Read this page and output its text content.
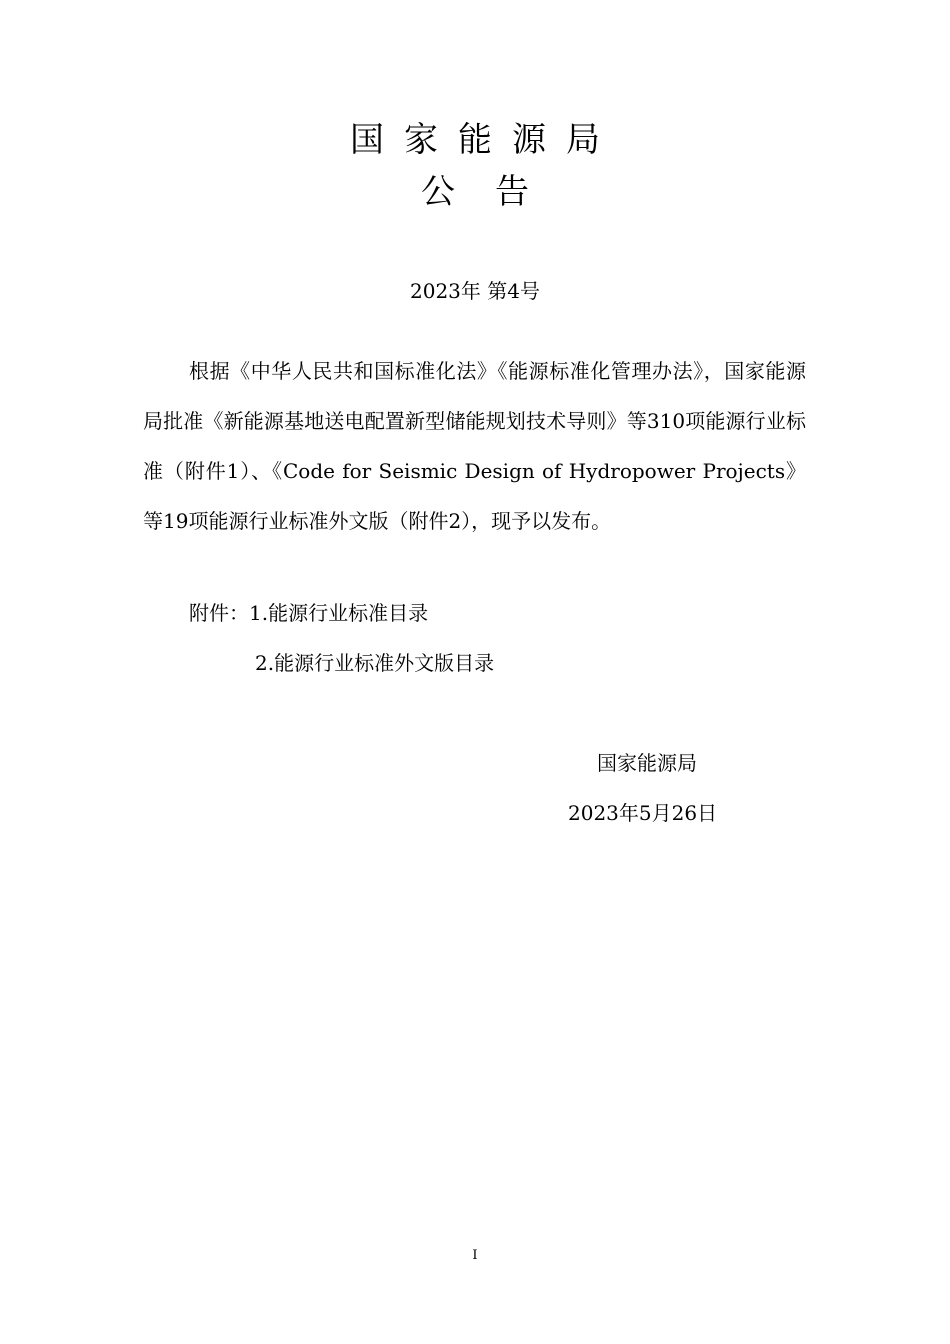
国家能源局
公告
2023年 第4号

根据《中华人民共和国标准化法》《能源标准化管理办法》，国家能源局批准《新能源基地送电配置新型储能规划技术导则》等310项能源行业标准（附件1）、《Code for Seismic Design of Hydropower Projects》等19项能源行业标准外文版（附件2），现予以发布。

附件：1.能源行业标准目录
2.能源行业标准外文版目录
国家能源局
2023年5月26日
I
